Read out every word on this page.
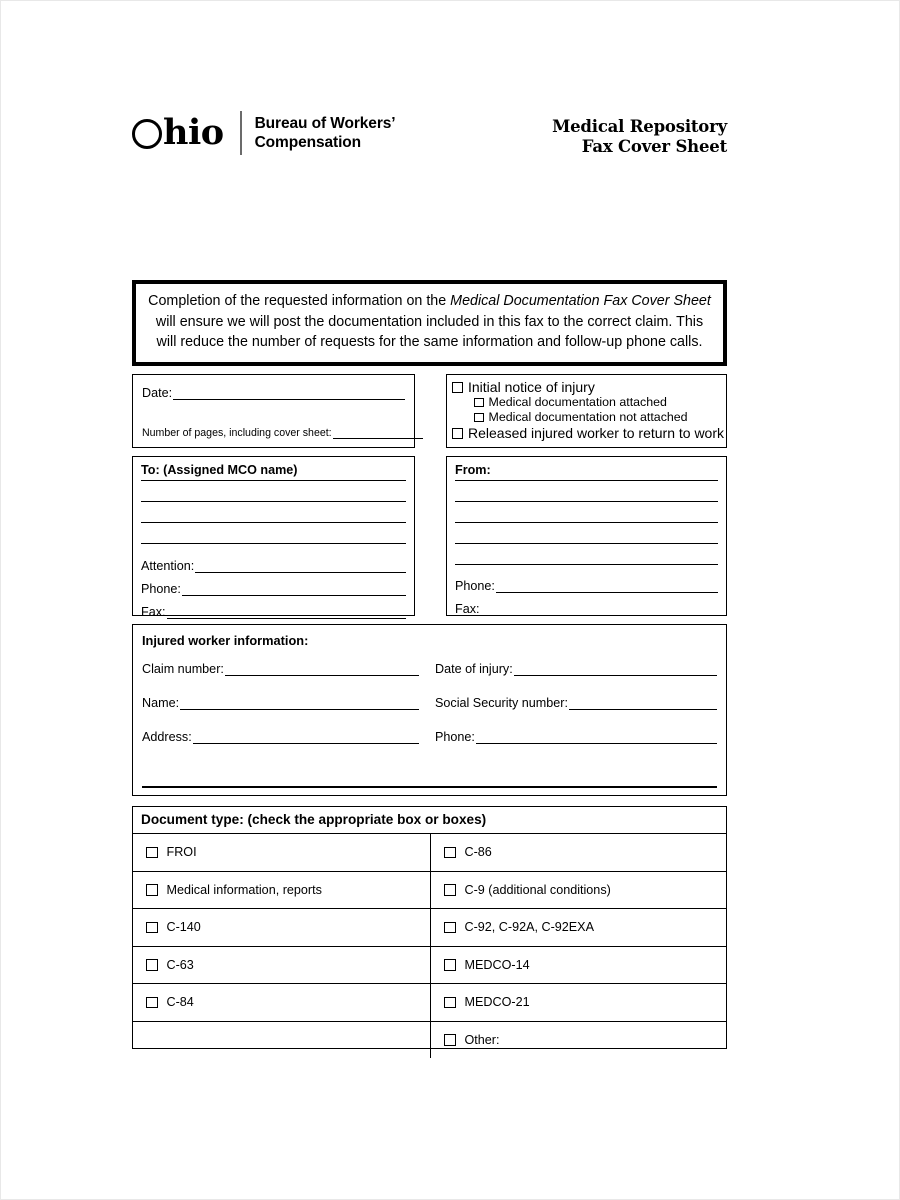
hio Bureau of Workers’
Compensation
Medical Repository
Fax Cover Sheet
Completion of the requested information on the Medical Documentation Fax Cover Sheet will ensure we will post the documentation included in this fax to the correct claim. This will reduce the number of requests for the same information and follow-up phone calls.
Date:
Number of pages, including cover sheet:
Initial notice of injury
Medical documentation attached
Medical documentation not attached
Released injured worker to return to work
To: (Assigned MCO name)
Attention:
Phone:
Fax:
From:
Phone:
Fax:
Injured worker information:
Claim number:	Date of injury:
Name:	Social Security number:
Address:	Phone:
Document type: (check the appropriate box or boxes)
FROI	C-86
Medical information, reports	C-9 (additional conditions)
C-140	C-92, C-92A, C-92EXA
C-63	MEDCO-14
C-84	MEDCO-21
Other:
